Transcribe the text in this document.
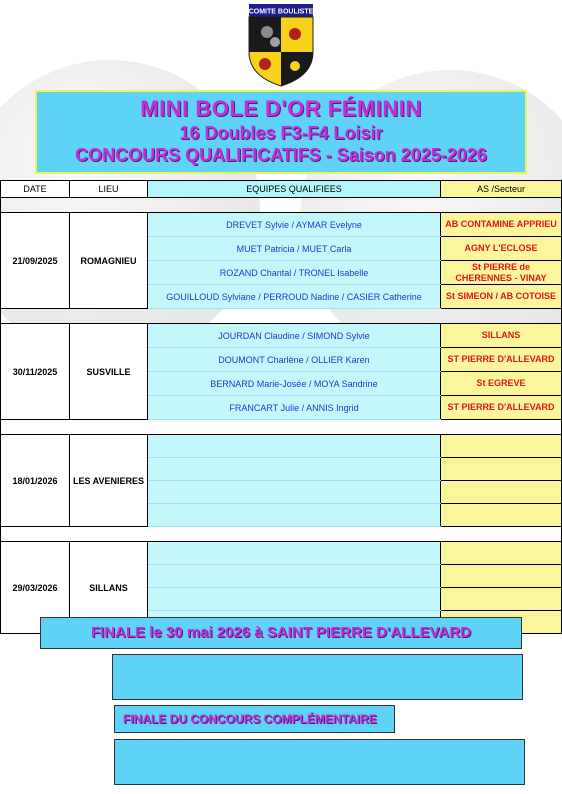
COMITE BOULISTE
MINI BOLE D'OR FÉMININ
16 Doubles F3-F4 Loisir
CONCOURS QUALIFICATIFS - Saison 2025-2026
DATE	LIEU	EQUIPES QUALIFIEES	AS /Secteur

21/09/2025	ROMAGNIEU	DREVET Sylvie / AYMAR Evelyne	AB CONTAMINE APPRIEU
		MUET Patricia / MUET Carla	AGNY L'ECLOSE
		ROZAND Chantal / TRONEL Isabelle	St PIERRE de CHERENNES - VINAY
		GOUILLOUD Sylviane / PERROUD Nadine / CASIER Catherine	St SIMEON / AB COTOISE

30/11/2025	SUSVILLE	JOURDAN Claudine / SIMOND Sylvie	SILLANS
		DOUMONT Charlène / OLLIER Karen	ST PIERRE D'ALLEVARD
		BERNARD Marie-Josée / MOYA Sandrine	St EGREVE
		FRANCART Julie / ANNIS Ingrid	ST PIERRE D'ALLEVARD

18/01/2026	LES AVENIERES		

29/03/2026	SILLANS		

FINALE le 30 mai 2026 à SAINT PIERRE D'ALLEVARD
FINALE DU CONCOURS COMPLÉMENTAIRE
